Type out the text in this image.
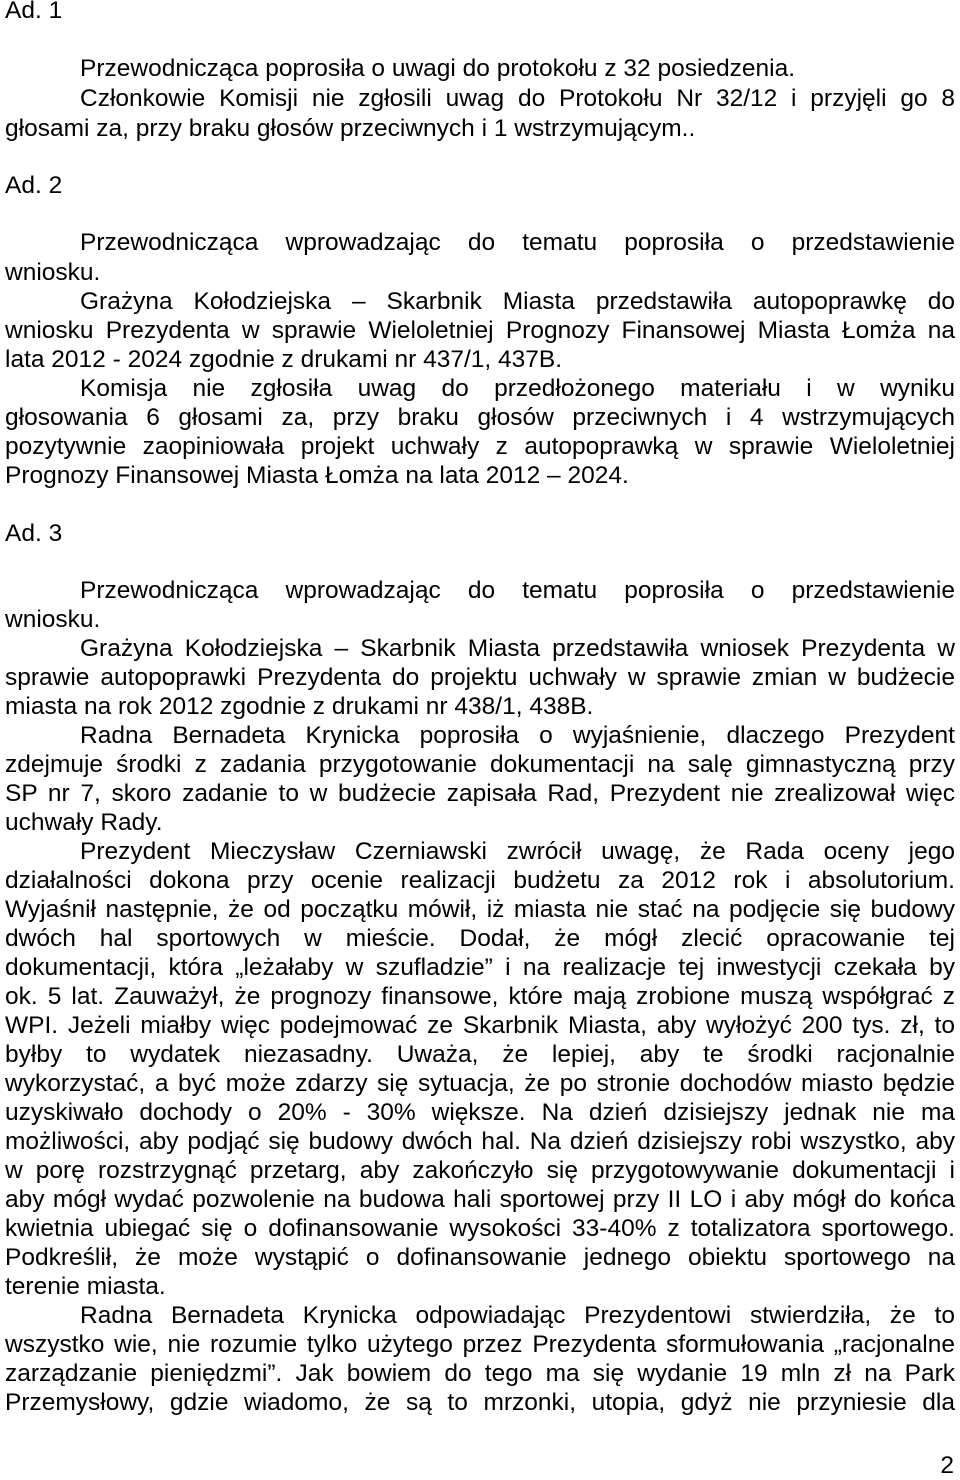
Ad. 1
Przewodnicząca poprosiła o uwagi do protokołu z 32 posiedzenia.
Członkowie Komisji nie zgłosili uwag do Protokołu Nr 32/12 i przyjęli go 8
głosami za, przy braku głosów przeciwnych i 1 wstrzymującym..
Ad. 2
Przewodnicząca wprowadzając do tematu poprosiła o przedstawienie
wniosku.
Grażyna Kołodziejska – Skarbnik Miasta przedstawiła autopoprawkę do
wniosku Prezydenta w sprawie Wieloletniej Prognozy Finansowej Miasta Łomża na
lata 2012 - 2024 zgodnie z drukami nr 437/1, 437B.
Komisja nie zgłosiła uwag do przedłożonego materiału i w wyniku
głosowania 6 głosami za, przy braku głosów przeciwnych i 4 wstrzymujących
pozytywnie zaopiniowała projekt uchwały z autopoprawką w sprawie Wieloletniej
Prognozy Finansowej Miasta Łomża na lata 2012 – 2024.
Ad. 3
Przewodnicząca wprowadzając do tematu poprosiła o przedstawienie
wniosku.
Grażyna Kołodziejska – Skarbnik Miasta przedstawiła wniosek Prezydenta w
sprawie autopoprawki Prezydenta do projektu uchwały w sprawie zmian w budżecie
miasta na rok 2012 zgodnie z drukami nr 438/1, 438B.
Radna Bernadeta Krynicka poprosiła o wyjaśnienie, dlaczego Prezydent
zdejmuje środki z zadania przygotowanie dokumentacji na salę gimnastyczną przy
SP nr 7, skoro zadanie to w budżecie zapisała Rad, Prezydent nie zrealizował więc
uchwały Rady.
Prezydent Mieczysław Czerniawski zwrócił uwagę, że Rada oceny jego
działalności dokona przy ocenie realizacji budżetu za 2012 rok i absolutorium.
Wyjaśnił następnie, że od początku mówił, iż miasta nie stać na podjęcie się budowy
dwóch hal sportowych w mieście. Dodał, że mógł zlecić opracowanie tej
dokumentacji, która „leżałaby w szufladzie” i na realizacje tej inwestycji czekała by
ok. 5 lat. Zauważył, że prognozy finansowe, które mają zrobione muszą współgrać z
WPI. Jeżeli miałby więc podejmować ze Skarbnik Miasta, aby wyłożyć 200 tys. zł, to
byłby to wydatek niezasadny. Uważa, że lepiej, aby te środki racjonalnie
wykorzystać, a być może zdarzy się sytuacja, że po stronie dochodów miasto będzie
uzyskiwało dochody o 20% - 30% większe. Na dzień dzisiejszy jednak nie ma
możliwości, aby podjąć się budowy dwóch hal. Na dzień dzisiejszy robi wszystko, aby
w porę rozstrzygnąć przetarg, aby zakończyło się przygotowywanie dokumentacji i
aby mógł wydać pozwolenie na budowa hali sportowej przy II LO i aby mógł do końca
kwietnia ubiegać się o dofinansowanie wysokości 33-40% z totalizatora sportowego.
Podkreślił, że może wystąpić o dofinansowanie jednego obiektu sportowego na
terenie miasta.
Radna Bernadeta Krynicka odpowiadając Prezydentowi stwierdziła, że to
wszystko wie, nie rozumie tylko użytego przez Prezydenta sformułowania „racjonalne
zarządzanie pieniędzmi”. Jak bowiem do tego ma się wydanie 19 mln zł na Park
Przemysłowy, gdzie wiadomo, że są to mrzonki, utopia, gdyż nie przyniesie dla
2
